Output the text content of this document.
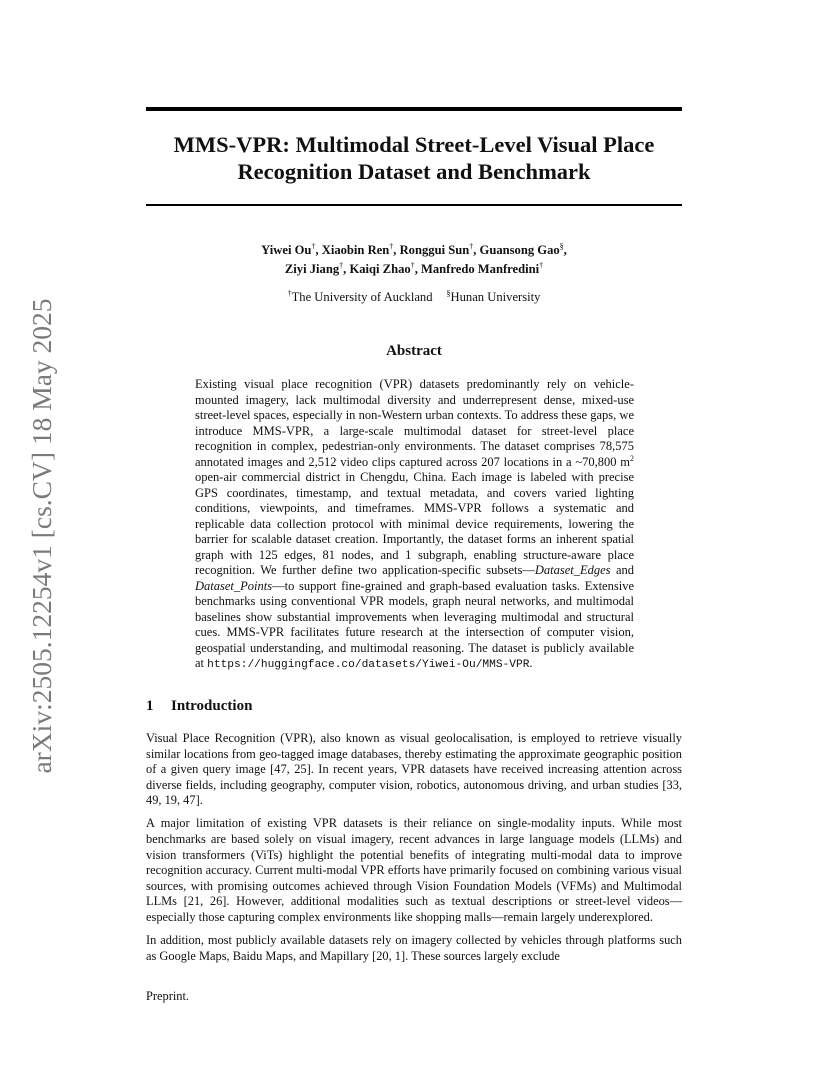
arXiv:2505.12254v1 [cs.CV] 18 May 2025
MMS-VPR: Multimodal Street-Level Visual Place
Recognition Dataset and Benchmark
Yiwei Ou†, Xiaobin Ren†, Ronggui Sun†, Guansong Gao§,
Ziyi Jiang†, Kaiqi Zhao†, Manfredo Manfredini†
†The University of Auckland §Hunan University
Abstract

Existing visual place recognition (VPR) datasets predominantly rely on vehicle-mounted imagery, lack multimodal diversity and underrepresent dense, mixed-use street-level spaces, especially in non-Western urban contexts. To address these gaps, we introduce MMS-VPR, a large-scale multimodal dataset for street-level place recognition in complex, pedestrian-only environments. The dataset comprises 78,575 annotated images and 2,512 video clips captured across 207 locations in a ~70,800 $m^2$ open-air commercial district in Chengdu, China. Each image is labeled with precise GPS coordinates, timestamp, and textual metadata, and covers varied lighting conditions, viewpoints, and timeframes. MMS-VPR follows a systematic and replicable data collection protocol with minimal device requirements, lowering the barrier for scalable dataset creation. Importantly, the dataset forms an inherent spatial graph with 125 edges, 81 nodes, and 1 subgraph, enabling structure-aware place recognition. We further define two application-specific subsets—Dataset_Edges and Dataset_Points—to support fine-grained and graph-based evaluation tasks. Extensive benchmarks using conventional VPR models, graph neural networks, and multimodal baselines show substantial improvements when leveraging multimodal and structural cues. MMS-VPR facilitates future research at the intersection of computer vision, geospatial understanding, and multimodal reasoning. The dataset is publicly available at https://huggingface.co/datasets/Yiwei-Ou/MMS-VPR.

1 Introduction

Visual Place Recognition (VPR), also known as visual geolocalisation, is employed to retrieve visually similar locations from geo-tagged image databases, thereby estimating the approximate geographic position of a given query image [47, 25]. In recent years, VPR datasets have received increasing attention across diverse fields, including geography, computer vision, robotics, autonomous driving, and urban studies [33, 49, 19, 47].

A major limitation of existing VPR datasets is their reliance on single-modality inputs. While most benchmarks are based solely on visual imagery, recent advances in large language models (LLMs) and vision transformers (ViTs) highlight the potential benefits of integrating multi-modal data to improve recognition accuracy. Current multi-modal VPR efforts have primarily focused on combining various visual sources, with promising outcomes achieved through Vision Foundation Models (VFMs) and Multimodal LLMs [21, 26]. However, additional modalities such as textual descriptions or street-level videos—especially those capturing complex environments like shopping malls—remain largely underexplored.

In addition, most publicly available datasets rely on imagery collected by vehicles through platforms such as Google Maps, Baidu Maps, and Mapillary [20, 1]. These sources largely exclude

Preprint.
